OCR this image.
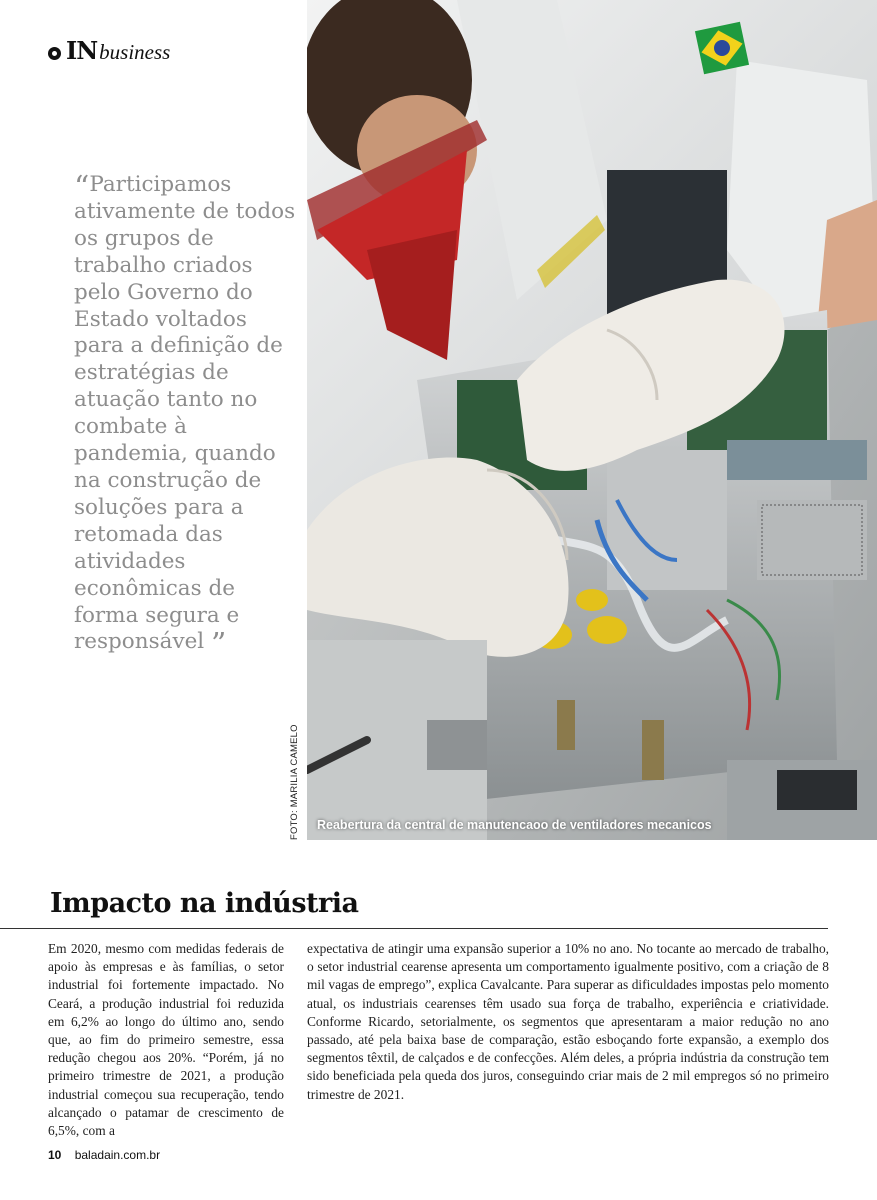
IN business

“Participamos ativamente de todos os grupos de trabalho criados pelo Governo do Estado voltados para a definição de estratégias de atuação tanto no combate à pandemia, quando na construção de soluções para a retomada das atividades econômicas de forma segura e responsável ”

FOTO: MARILIA CAMELO Reabertura da central de manutencaoo de ventiladores mecanicos
Impacto na indústria

Em 2020, mesmo com medidas federais de apoio às empresas e às famílias, o setor industrial foi fortemente impactado. No Ceará, a produção industrial foi reduzida em 6,2% ao longo do último ano, sendo que, ao fim do primeiro semestre, essa redução chegou aos 20%. “Porém, já no primeiro trimestre de 2021, a produção industrial começou sua recuperação, tendo alcançado o patamar de crescimento de 6,5%, com a

expectativa de atingir uma expansão superior a 10% no ano. No tocante ao mercado de trabalho, o setor industrial cearense apresenta um comportamento igualmente positivo, com a criação de 8 mil vagas de emprego”, explica Cavalcante. Para superar as dificuldades impostas pelo momento atual, os industriais cearenses têm usado sua força de trabalho, experiência e criatividade. Conforme Ricardo, setorialmente, os segmentos que apresentaram a maior redução no ano passado, até pela baixa base de comparação, estão esboçando forte expansão, a exemplo dos segmentos têxtil, de calçados e de confecções. Além deles, a própria indústria da construção tem sido beneficiada pela queda dos juros, conseguindo criar mais de 2 mil empregos só no primeiro trimestre de 2021.

10 baladain.com.br
